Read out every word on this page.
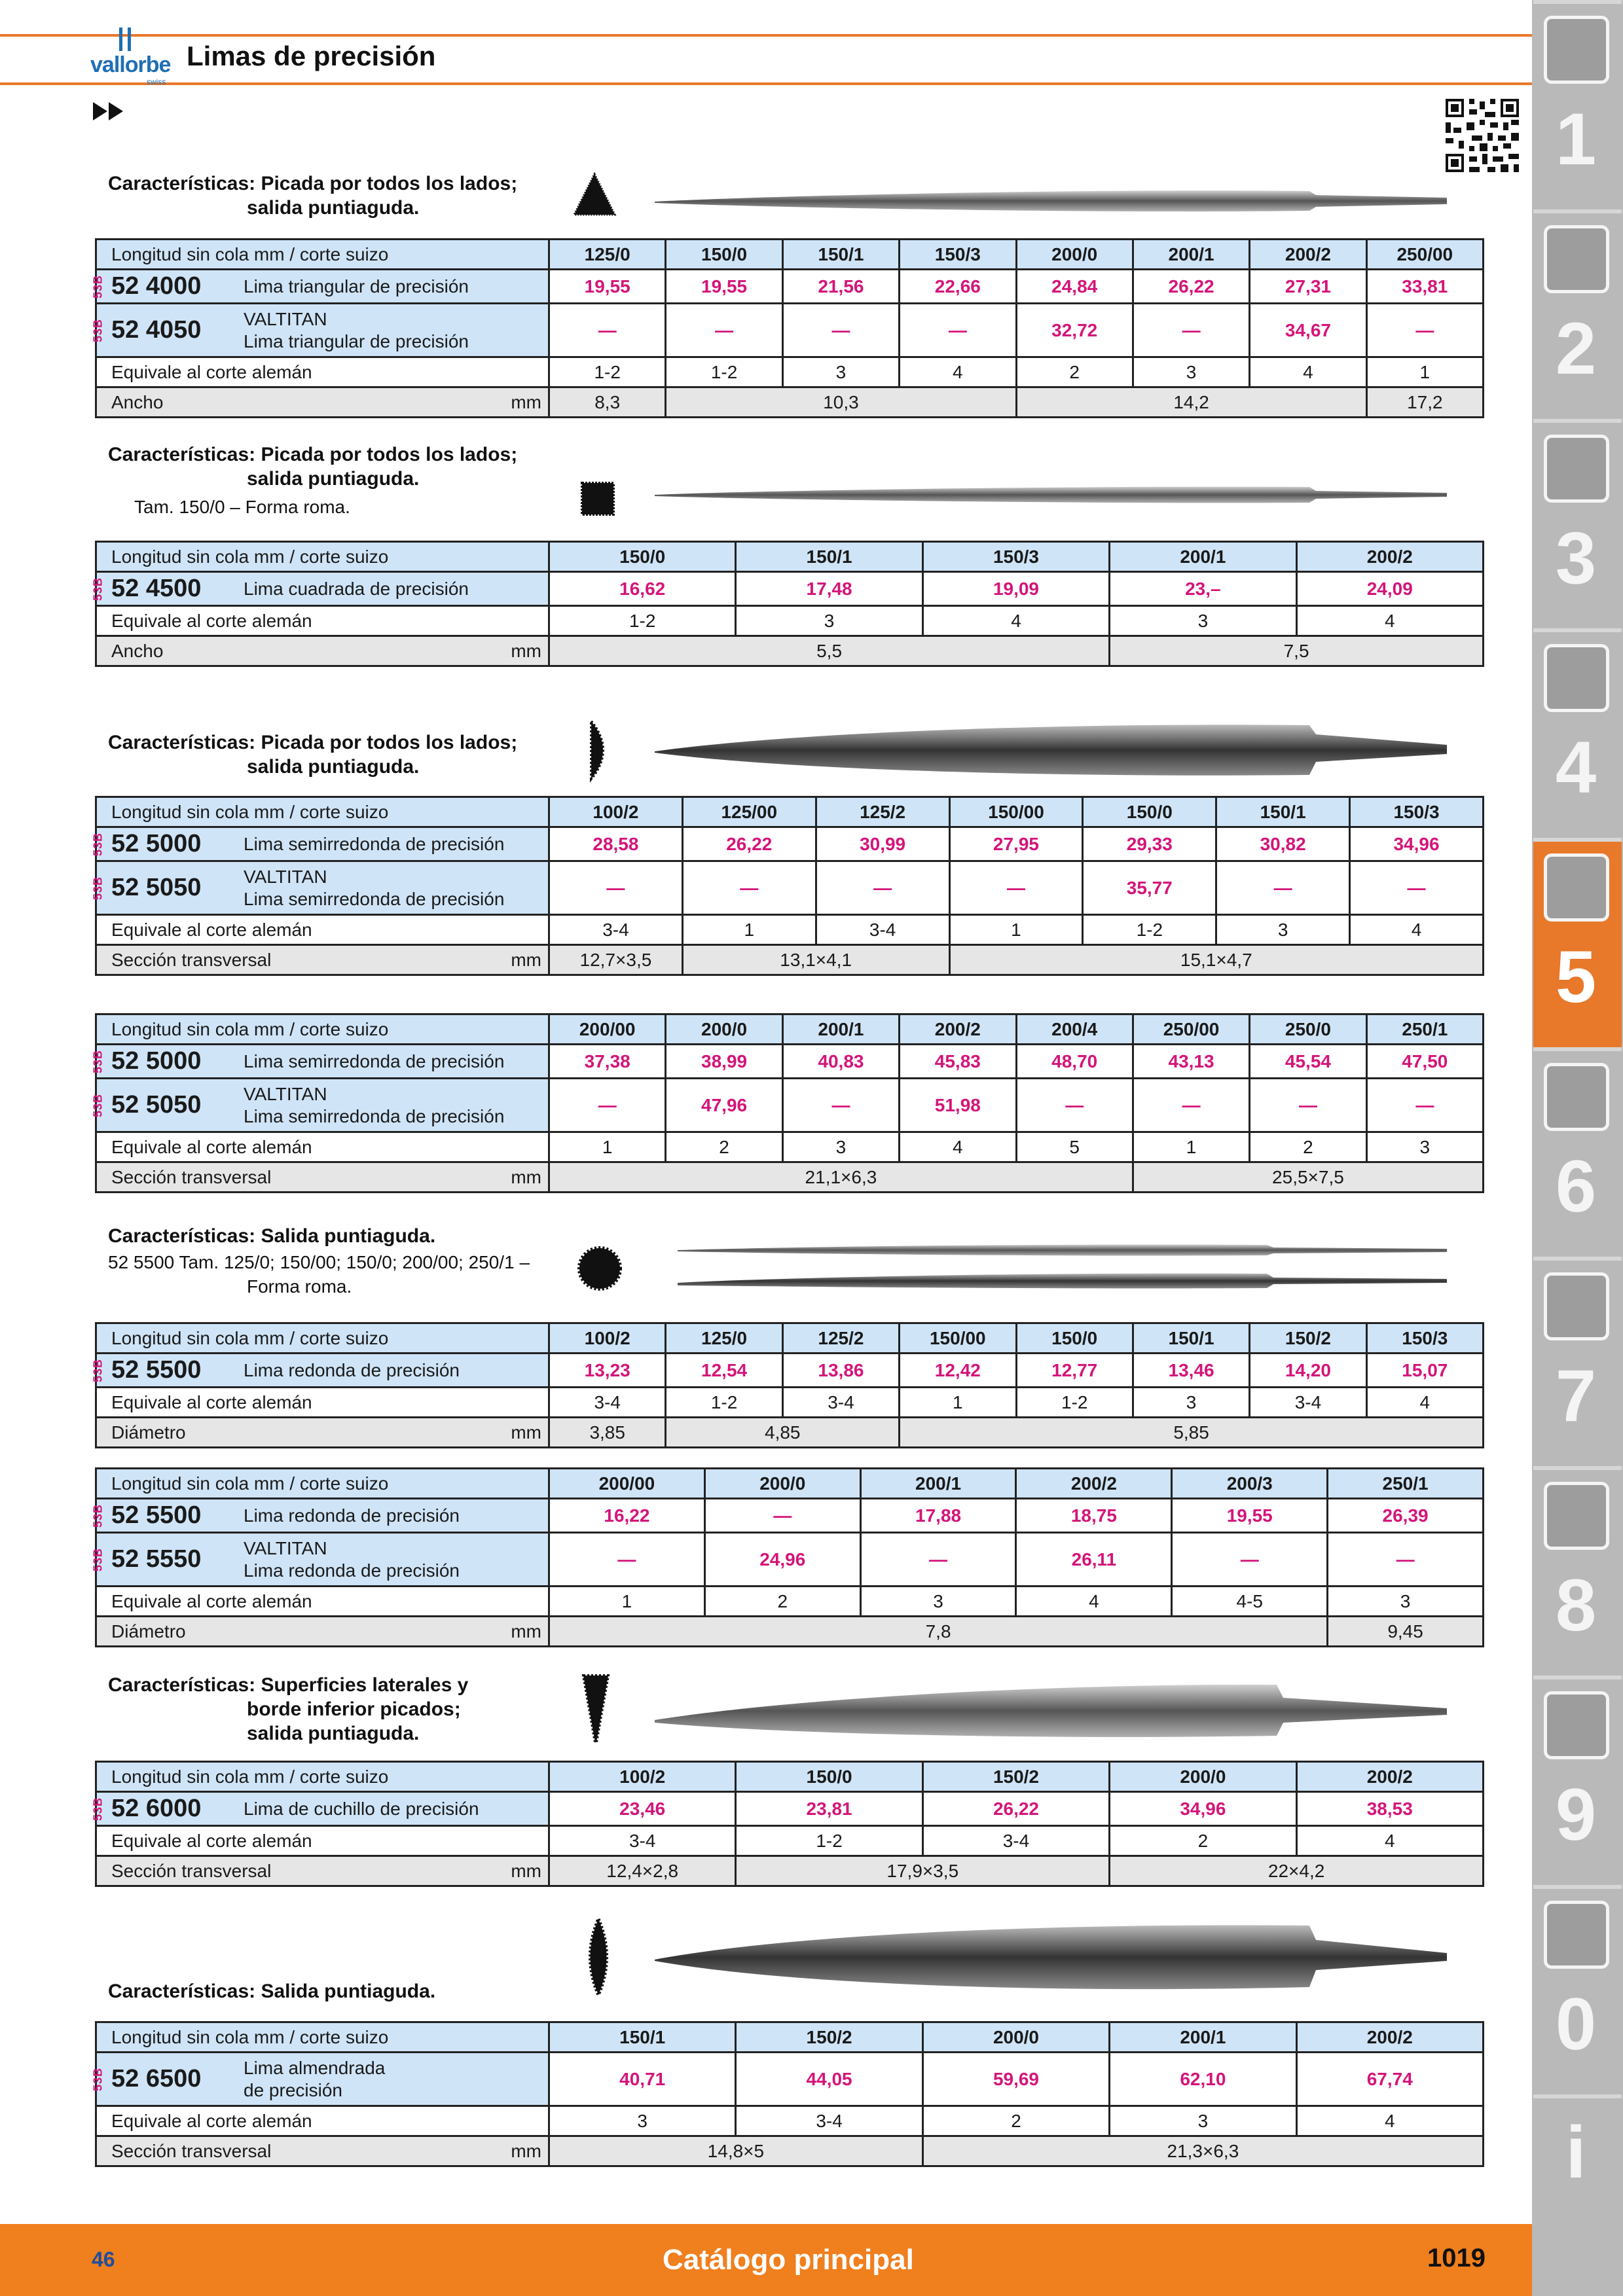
vallorbe
swiss
Limas de precisión
Características: Picada por todos los lados;
salida puntiaguda.
Longitud sin cola mm / corte suizo	125/0	150/0	150/1	150/3	200/0	200/1	200/2	250/00

53B 52 4000 Lima triangular de precisión	19,55	19,55	21,56	22,66	24,84	26,22	27,31	33,81

53B 52 4050 VALTITAN
Lima triangular de precisión	—	—	—	—	32,72	—	34,67	—
Equivale al corte alemán	1-2	1-2	3	4	2	3	4	1
Ancho mm	8,3	10,3			14,2			17,2
Características: Picada por todos los lados;
salida puntiaguda.
Tam. 150/0 – Forma roma.
Longitud sin cola mm / corte suizo	150/0	150/1	150/3	200/1	200/2

53B 52 4500 Lima cuadrada de precisión	16,62	17,48	19,09	23,–	24,09
Equivale al corte alemán	1-2	3	4	3	4
Ancho mm	5,5			7,5	
Características: Picada por todos los lados;
salida puntiaguda.
Longitud sin cola mm / corte suizo	100/2	125/00	125/2	150/00	150/0	150/1	150/3

53B 52 5000 Lima semirredonda de precisión	28,58	26,22	30,99	27,95	29,33	30,82	34,96

53B 52 5050 VALTITAN
Lima semirredonda de precisión	—	—	—	—	35,77	—	—
Equivale al corte alemán	3-4	1	3-4	1	1-2	3	4
Sección transversal mm	12,7×3,5	13,1×4,1		15,1×4,7			
Longitud sin cola mm / corte suizo	200/00	200/0	200/1	200/2	200/4	250/00	250/0	250/1

53B 52 5000 Lima semirredonda de precisión	37,38	38,99	40,83	45,83	48,70	43,13	45,54	47,50

53B 52 5050 VALTITAN
Lima semirredonda de precisión	—	47,96	—	51,98	—	—	—	—
Equivale al corte alemán	1	2	3	4	5	1	2	3
Sección transversal mm	21,1×6,3					25,5×7,5		
Características: Salida puntiaguda.
52 5500 Tam. 125/0; 150/00; 150/0; 200/00; 250/1 –
Forma roma.
Longitud sin cola mm / corte suizo	100/2	125/0	125/2	150/00	150/0	150/1	150/2	150/3

53B 52 5500 Lima redonda de precisión	13,23	12,54	13,86	12,42	12,77	13,46	14,20	15,07
Equivale al corte alemán	3-4	1-2	3-4	1	1-2	3	3-4	4
Diámetro mm	3,85	4,85		5,85				
Longitud sin cola mm / corte suizo	200/00	200/0	200/1	200/2	200/3	250/1

53B 52 5500 Lima redonda de precisión	16,22	—	17,88	18,75	19,55	26,39

53B 52 5550 VALTITAN
Lima redonda de precisión	—	24,96	—	26,11	—	—
Equivale al corte alemán	1	2	3	4	4-5	3
Diámetro mm	7,8					9,45
Características: Superficies laterales y
borde inferior picados;
salida puntiaguda.
Longitud sin cola mm / corte suizo	100/2	150/0	150/2	200/0	200/2

53B 52 6000 Lima de cuchillo de precisión	23,46	23,81	26,22	34,96	38,53
Equivale al corte alemán	3-4	1-2	3-4	2	4
Sección transversal mm	12,4×2,8	17,9×3,5		22×4,2	
Características: Salida puntiaguda.
Longitud sin cola mm / corte suizo	150/1	150/2	200/0	200/1	200/2

53B 52 6500 Lima almendrada
de precisión	40,71	44,05	59,69	62,10	67,74
Equivale al corte alemán	3	3-4	2	3	4
Sección transversal mm	14,8×5		21,3×6,3		
46	Catálogo principal	1019
1
2
3
4
5
6
7
8
9
0
i
